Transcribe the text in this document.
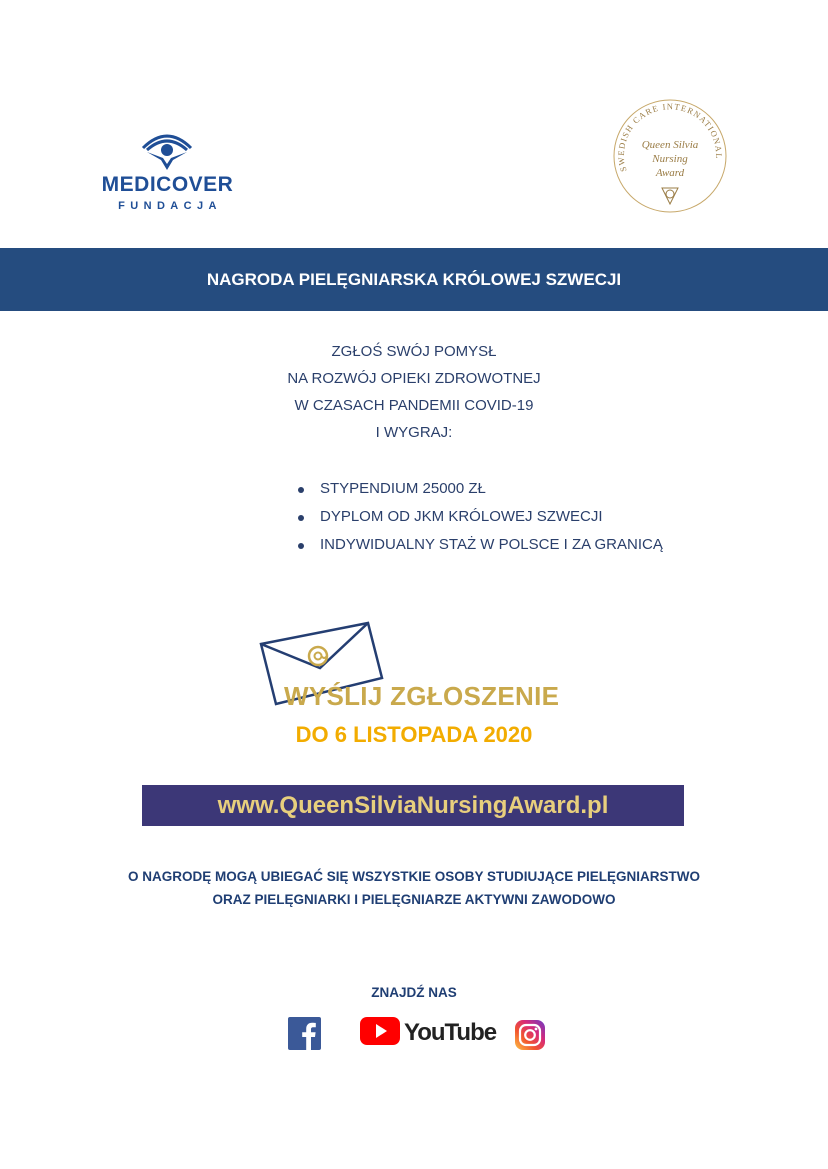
MEDICOVER
FUNDACJA
SWEDISH CARE INTERNATIONAL
Queen Silvia
Nursing
Award
NAGRODA PIELĘGNIARSKA KRÓLOWEJ SZWECJI
ZGŁOŚ SWÓJ POMYSŁ
NA ROZWÓJ OPIEKI ZDROWOTNEJ
W CZASACH PANDEMII COVID-19
I WYGRAJ:
STYPENDIUM 25000 ZŁ
DYPLOM OD JKM KRÓLOWEJ SZWECJI
INDYWIDUALNY STAŻ W POLSCE I ZA GRANICĄ
WYŚLIJ ZGŁOSZENIE
DO 6 LISTOPADA 2020
www.QueenSilviaNursingAward.pl
O NAGRODĘ MOGĄ UBIEGAĆ SIĘ WSZYSTKIE OSOBY STUDIUJĄCE PIELĘGNIARSTWO
ORAZ PIELĘGNIARKI I PIELĘGNIARZE AKTYWNI ZAWODOWO
ZNAJDŹ NAS
YouTube
